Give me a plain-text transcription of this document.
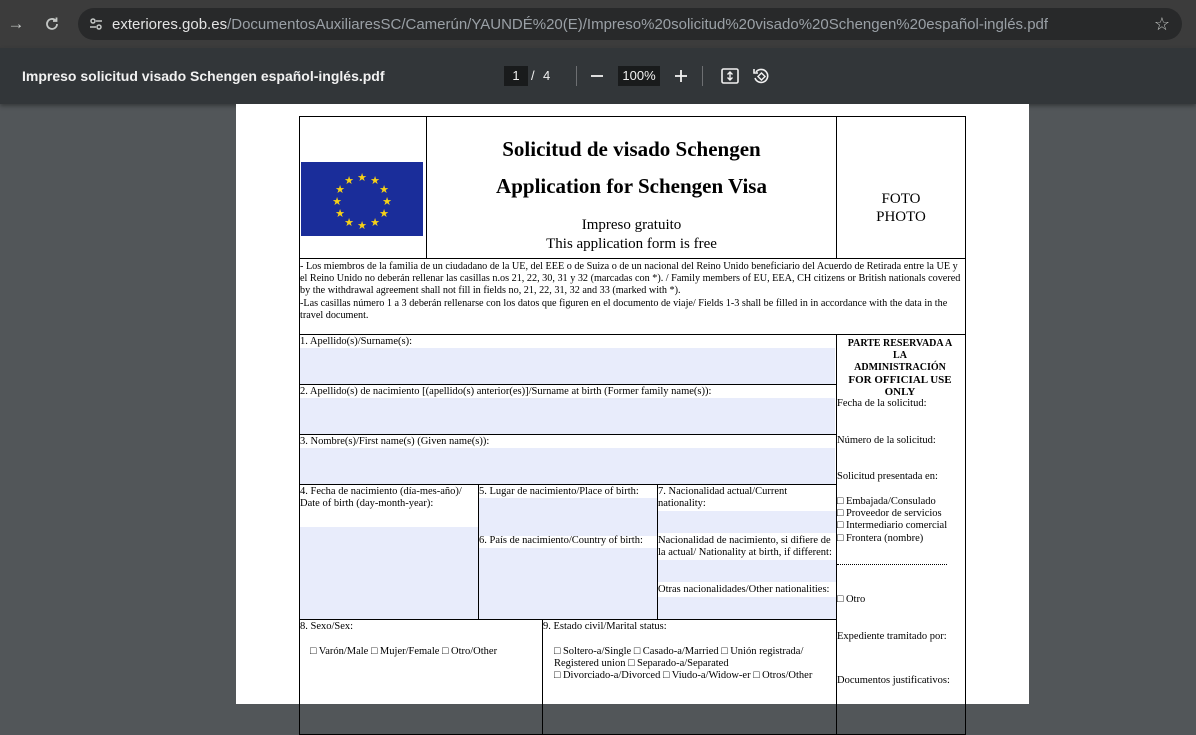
→	exteriores.gob.es/DocumentosAuxiliaresSC/Camerún/YAUNDÉ%20(E)/Impreso%20solicitud%20visado%20Schengen%20español-inglés.pdf	☆
Impreso solicitud visado Schengen español-inglés.pdf	1 / 4	100%
★ ★
★
★
★
★
★
★
★
★
★
★
Solicitud de visado Schengen
Application for Schengen Visa
Impreso gratuito
This application form is free
FOTO
PHOTO
- Los miembros de la familia de un ciudadano de la UE, del EEE o de Suiza o de un nacional del Reino Unido beneficiario del Acuerdo de Retirada entre la UE y el Reino Unido no deberán rellenar las casillas n.os 21, 22, 30, 31 y 32 (marcadas con *). / Family members of EU, EEA, CH citizens or British nationals covered by the withdrawal agreement shall not fill in fields no, 21, 22, 31, 32 and 33 (marked with *).
-Las casillas número 1 a 3 deberán rellenarse con los datos que figuren en el documento de viaje/ Fields 1-3 shall be filled in in accordance with the data in the travel document.
1. Apellido(s)/Surname(s):
2. Apellido(s) de nacimiento [(apellido(s) anterior(es)]/Surname at birth (Former family name(s)):
3. Nombre(s)/First name(s) (Given name(s)):
4. Fecha de nacimiento (día-mes-año)/
Date of birth (day-month-year):
5. Lugar de nacimiento/Place of birth:
6. País de nacimiento/Country of birth:
7. Nacionalidad actual/Current
nationality:
Nacionalidad de nacimiento, si difiere de
la actual/ Nationality at birth, if different:
Otras nacionalidades/Other nationalities:
8. Sexo/Sex:
□ Varón/Male □ Mujer/Female □ Otro/Other
9. Estado civil/Marital status:
□ Soltero-a/Single □ Casado-a/Married □ Unión registrada/
Registered union □ Separado-a/Separated
□ Divorciado-a/Divorced □ Viudo-a/Widow-er □ Otros/Other
PARTE RESERVADA A LA
ADMINISTRACIÓN
FOR OFFICIAL USE
ONLY
Fecha de la solicitud:
Número de la solicitud:
Solicitud presentada en:
□ Embajada/Consulado
□ Proveedor de servicios
□ Intermediario comercial
□ Frontera (nombre)
□ Otro
Expediente tramitado por:
Documentos justificativos:
